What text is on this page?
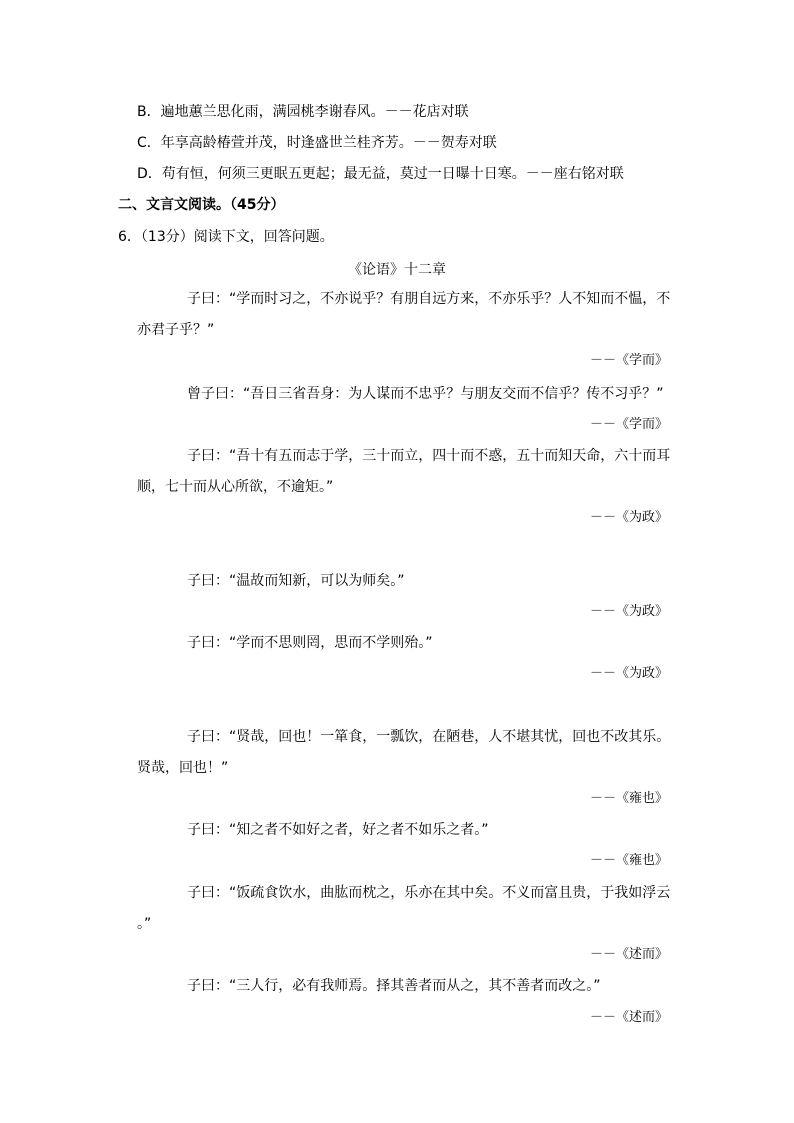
B．遍地蕙兰思化雨，满园桃李谢春风。－－花店对联
C．年享高龄椿萱并茂，时逢盛世兰桂齐芳。－－贺寿对联
D．苟有恒，何须三更眠五更起；最无益，莫过一日曝十日寒。－－座右铭对联
二、文言文阅读。（45分）
6．（13分）阅读下文，回答问题。
《论语》十二章
子曰：“学而时习之，不亦说乎？有朋自远方来，不亦乐乎？人不知而不愠，不
亦君子乎？”
－－《学而》
曾子曰：“吾日三省吾身：为人谋而不忠乎？与朋友交而不信乎？传不习乎？”
－－《学而》
子曰：“吾十有五而志于学，三十而立，四十而不惑，五十而知天命，六十而耳
顺，七十而从心所欲，不逾矩。”
－－《为政》
子曰：“温故而知新，可以为师矣。”
－－《为政》
子曰：“学而不思则罔，思而不学则殆。”
－－《为政》
子曰：“贤哉，回也！一箪食，一瓢饮，在陋巷，人不堪其忧，回也不改其乐。
贤哉，回也！”
－－《雍也》
子曰：“知之者不如好之者，好之者不如乐之者。”
－－《雍也》
子曰：“饭疏食饮水，曲肱而枕之，乐亦在其中矣。不义而富且贵，于我如浮云
。”
－－《述而》
子曰：“三人行，必有我师焉。择其善者而从之，其不善者而改之。”
－－《述而》
